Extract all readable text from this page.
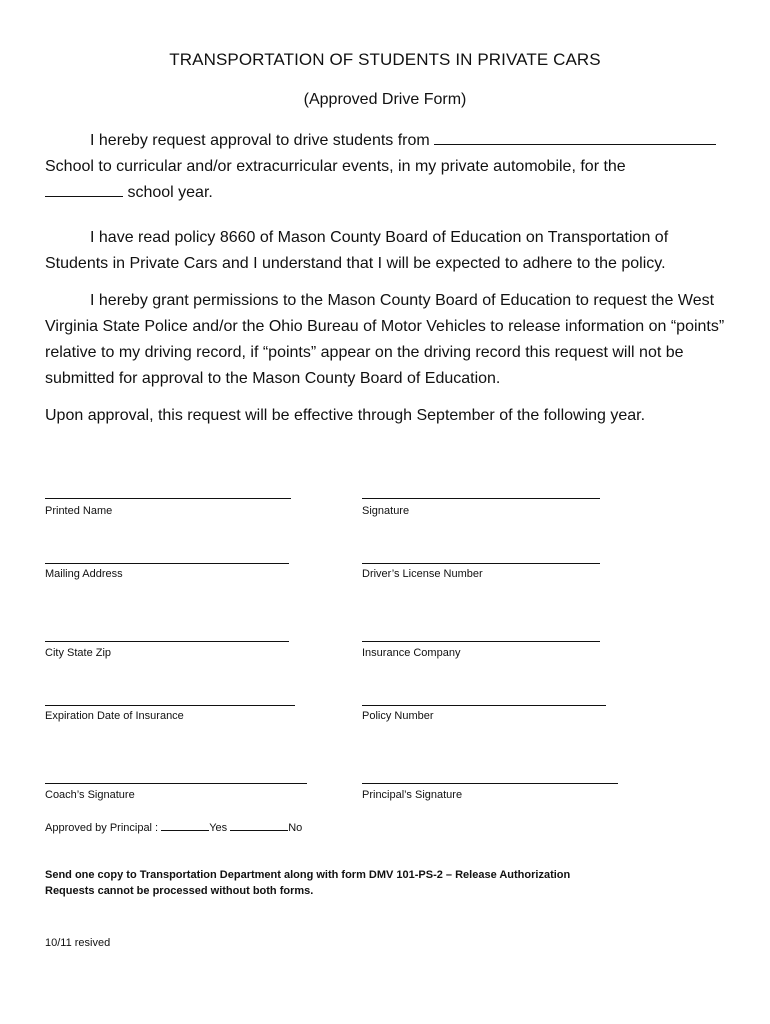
TRANSPORTATION OF STUDENTS IN PRIVATE CARS
(Approved Drive Form)

I hereby request approval to drive students from

School to curricular and/or extracurricular events, in my private automobile, for the

school year.

I have read policy 8660 of Mason County Board of Education on Transportation of Students in Private Cars and I understand that I will be expected to adhere to the policy.

I hereby grant permissions to the Mason County Board of Education to request the West Virginia State Police and/or the Ohio Bureau of Motor Vehicles to release information on “points” relative to my driving record, if “points” appear on the driving record this request will not be submitted for approval to the Mason County Board of Education.

Upon approval, this request will be effective through September of the following year.

Printed Name	Signature
Mailing Address	Driver’s License Number
City State Zip	Insurance Company
Expiration Date of Insurance	Policy Number
Coach’s Signature	Principal’s Signature
Approved by Principal :	Yes	No
Send one copy to Transportation Department along with form DMV 101-PS-2 – Release Authorization
Requests cannot be processed without both forms.
10/11 resived
